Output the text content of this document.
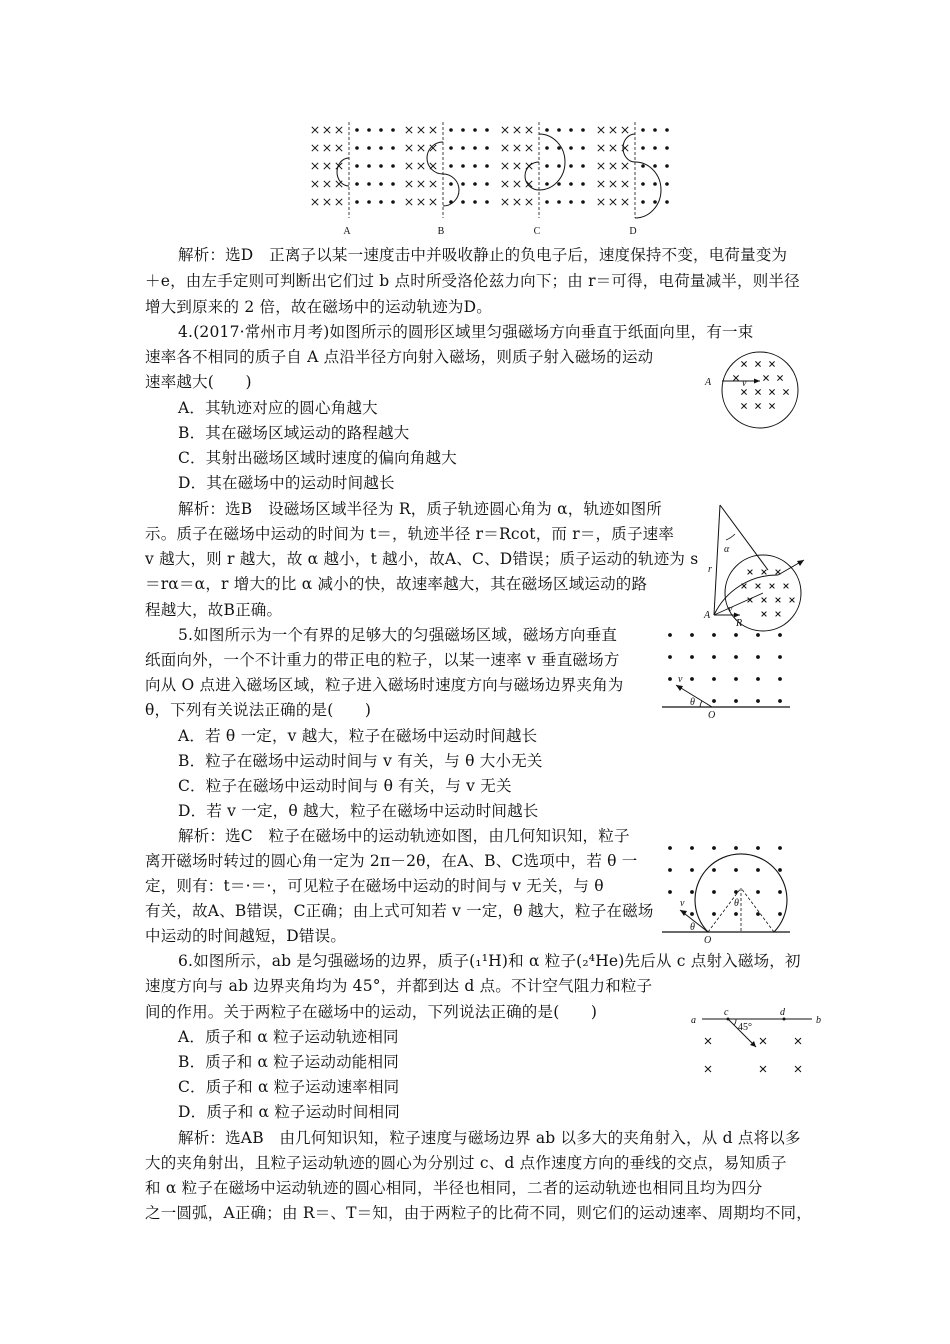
A	B	C	D
解析：选D　正离子以某一速度击中并吸收静止的负电子后，速度保持不变，电荷量变为
＋e，由左手定则可判断出它们过 b 点时所受洛伦兹力向下；由 r＝可得，电荷量减半，则半径
增大到原来的 2 倍，故在磁场中的运动轨迹为D。
4.(2017·常州市月考)如图所示的圆形区域里匀强磁场方向垂直于纸面向里，有一束
速率各不相同的质子自 A 点沿半径方向射入磁场，则质子射入磁场的运动
速率越大(　　)
A．其轨迹对应的圆心角越大
B．其在磁场区域运动的路程越大
C．其射出磁场区域时速度的偏向角越大
D．其在磁场中的运动时间越长
A	v
解析：选B　设磁场区域半径为 R，质子轨迹圆心角为 α，轨迹如图所
示。质子在磁场中运动的时间为 t＝，轨迹半径 r＝Rcot，而 r＝，质子速率
v 越大，则 r 越大，故 α 越小，t 越小，故A、C、D错误；质子运动的轨迹为 s
＝rα＝α，r 增大的比 α 减小的快，故速率越大，其在磁场区域运动的路
程越大，故B正确。
α
r
A
v
R
5.如图所示为一个有界的足够大的匀强磁场区域，磁场方向垂直
纸面向外，一个不计重力的带正电的粒子，以某一速率 v 垂直磁场方
向从 O 点进入磁场区域，粒子进入磁场时速度方向与磁场边界夹角为
θ，下列有关说法正确的是(　　)
A．若 θ 一定，v 越大，粒子在磁场中运动时间越长
B．粒子在磁场中运动时间与 v 有关，与 θ 大小无关
C．粒子在磁场中运动时间与 θ 有关，与 v 无关
D．若 v 一定，θ 越大，粒子在磁场中运动时间越长
v
θ
O
解析：选C　粒子在磁场中的运动轨迹如图，由几何知识知，粒子
离开磁场时转过的圆心角一定为 2π－2θ，在A、B、C选项中，若 θ 一
定，则有：t＝·＝·，可见粒子在磁场中运动的时间与 v 无关，与 θ
有关，故A、B错误，C正确；由上式可知若 v 一定，θ 越大，粒子在磁场
中运动的时间越短，D错误。
v
θ
θ
O
6.如图所示，ab 是匀强磁场的边界，质子(₁¹H)和 α 粒子(₂⁴He)先后从 c 点射入磁场，初
速度方向与 ab 边界夹角均为 45°，并都到达 d 点。不计空气阻力和粒子
间的作用。关于两粒子在磁场中的运动，下列说法正确的是(　　)
A．质子和 α 粒子运动轨迹相同
B．质子和 α 粒子运动动能相同
C．质子和 α 粒子运动速率相同
D．质子和 α 粒子运动时间相同
a
c
45°
d
b
解析：选AB　由几何知识知，粒子速度与磁场边界 ab 以多大的夹角射入，从 d 点将以多
大的夹角射出，且粒子运动轨迹的圆心为分别过 c、d 点作速度方向的垂线的交点，易知质子
和 α 粒子在磁场中运动轨迹的圆心相同，半径也相同，二者的运动轨迹也相同且均为四分
之一圆弧，A正确；由 R＝、T＝知，由于两粒子的比荷不同，则它们的运动速率、周期均不同，
